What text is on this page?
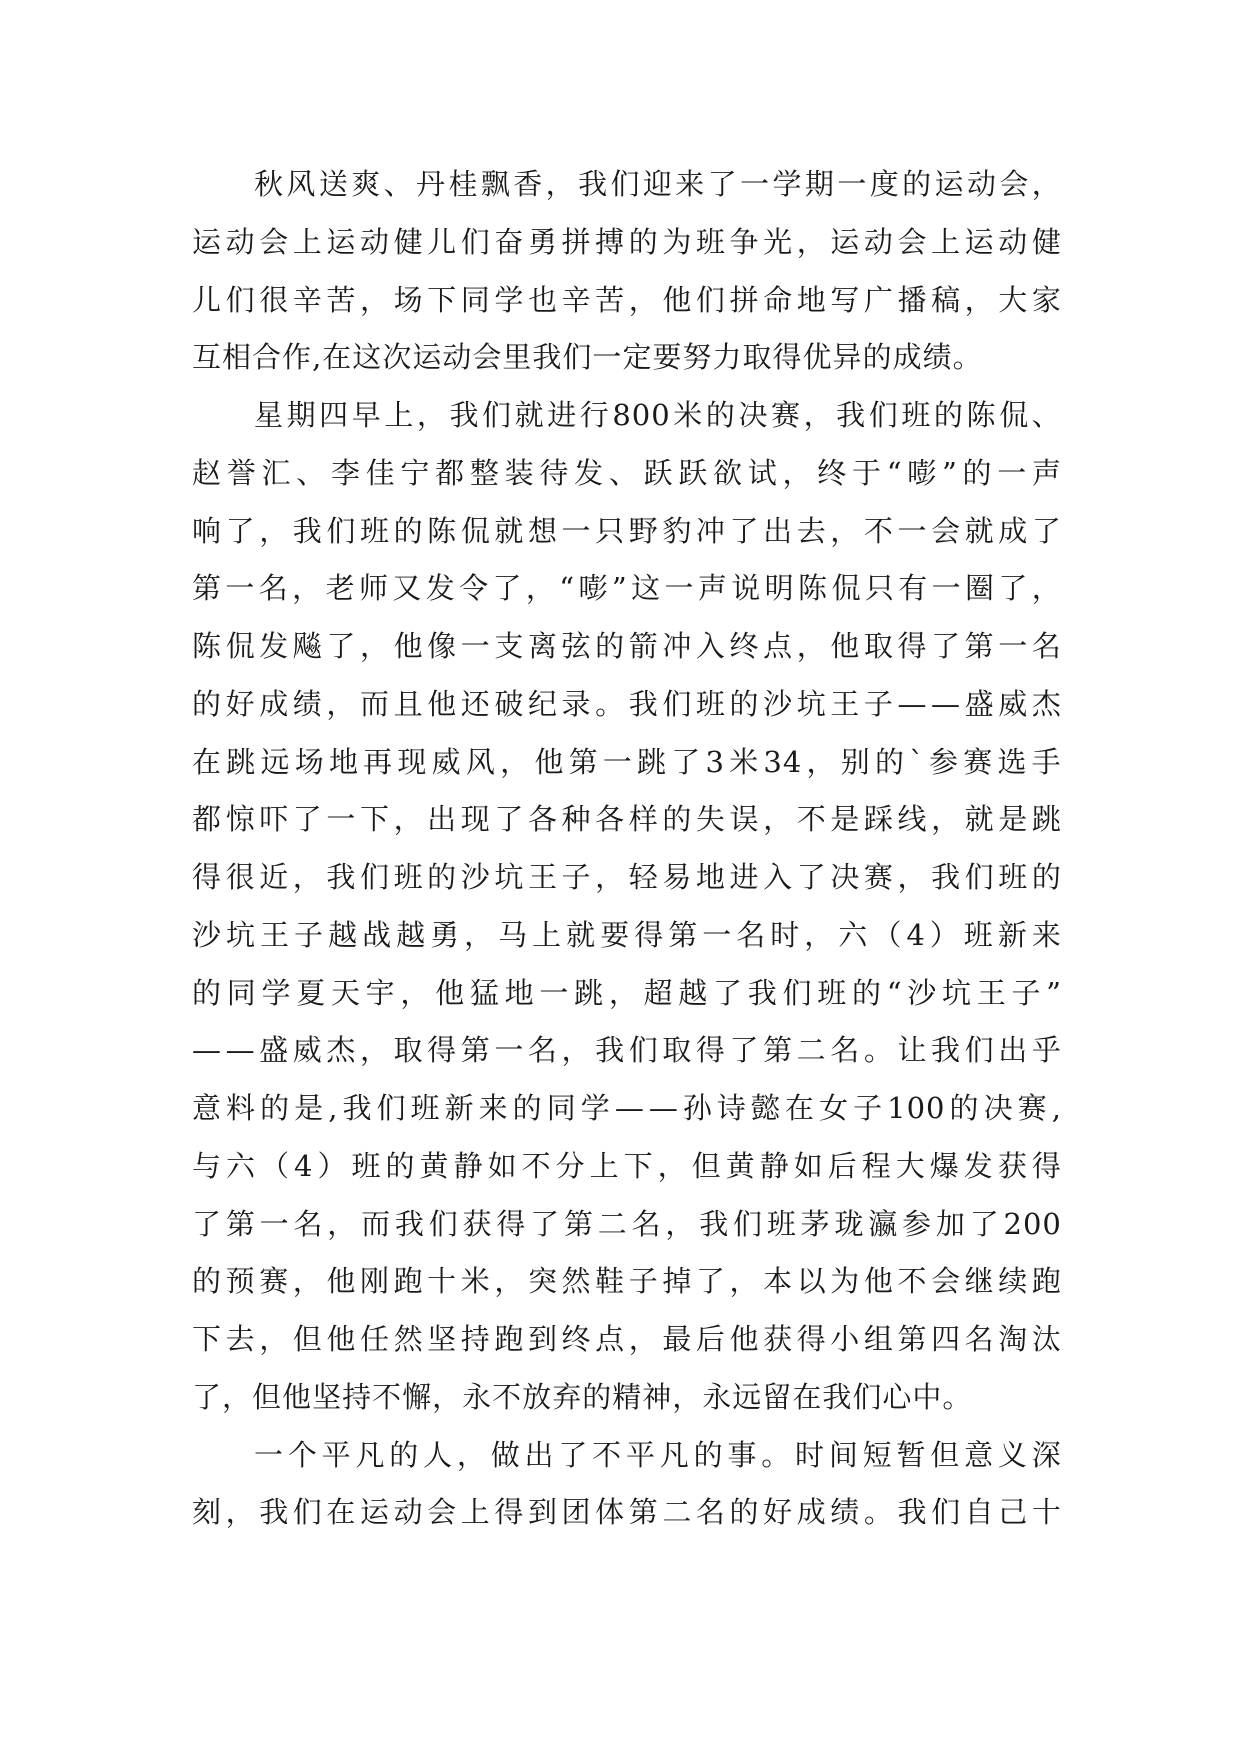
秋 风 送 爽 、 丹 桂 飘 香 ， 我 们 迎 来 了 一 学 期 一 度 的 运 动 会 ，
运 动 会 上 运 动 健 儿 们 奋 勇 拼 搏 的 为 班 争 光 ， 运 动 会 上 运 动 健
儿 们 很 辛 苦 ， 场 下 同 学 也 辛 苦 ， 他 们 拼 命 地 写 广 播 稿 ， 大 家
互 相 合 作 , 在 这 次 运 动 会 里 我 们 一 定 要 努 力 取 得 优 异 的 成 绩 。
星 期 四 早 上 ， 我 们 就 进 行 800 米 的 决 赛 ， 我 们 班 的 陈 侃 、
赵 誉 汇 、 李 佳 宁 都 整 装 待 发 、 跃 跃 欲 试 ， 终 于 “ 嘭 ” 的 一 声
响 了 ， 我 们 班 的 陈 侃 就 想 一 只 野 豹 冲 了 出 去 ， 不 一 会 就 成 了
第 一 名 ， 老 师 又 发 令 了 ， “ 嘭 ” 这 一 声 说 明 陈 侃 只 有 一 圈 了 ，
陈 侃 发 飚 了 ， 他 像 一 支 离 弦 的 箭 冲 入 终 点 ， 他 取 得 了 第 一 名
的 好 成 绩 ， 而 且 他 还 破 纪 录 。 我 们 班 的 沙 坑 王 子 — — 盛 威 杰
在 跳 远 场 地 再 现 威 风 ， 他 第 一 跳 了 3 米 34 ， 别 的 ` 参 赛 选 手
都 惊 吓 了 一 下 ， 出 现 了 各 种 各 样 的 失 误 ， 不 是 踩 线 ， 就 是 跳
得 很 近 ， 我 们 班 的 沙 坑 王 子 ， 轻 易 地 进 入 了 决 赛 ， 我 们 班 的
沙 坑 王 子 越 战 越 勇 ， 马 上 就 要 得 第 一 名 时 ， 六 （ 4 ） 班 新 来
的 同 学 夏 天 宇 ， 他 猛 地 一 跳 ， 超 越 了 我 们 班 的 “ 沙 坑 王 子 ”
— — 盛 威 杰 ， 取 得 第 一 名 ， 我 们 取 得 了 第 二 名 。 让 我 们 出 乎
意 料 的 是 , 我 们 班 新 来 的 同 学 — — 孙 诗 懿 在 女 子 100 的 决 赛 ,
与 六 （ 4 ） 班 的 黄 静 如 不 分 上 下 ， 但 黄 静 如 后 程 大 爆 发 获 得
了 第 一 名 ， 而 我 们 获 得 了 第 二 名 ， 我 们 班 茅 珑 瀛 参 加 了 200
的 预 赛 ， 他 刚 跑 十 米 ， 突 然 鞋 子 掉 了 ， 本 以 为 他 不 会 继 续 跑
下 去 ， 但 他 任 然 坚 持 跑 到 终 点 ， 最 后 他 获 得 小 组 第 四 名 淘 汰
了 ， 但 他 坚 持 不 懈 ， 永 不 放 弃 的 精 神 ， 永 远 留 在 我 们 心 中 。
一 个 平 凡 的 人 ， 做 出 了 不 平 凡 的 事 。 时 间 短 暂 但 意 义 深
刻 ， 我 们 在 运 动 会 上 得 到 团 体 第 二 名 的 好 成 绩 。 我 们 自 己 十
